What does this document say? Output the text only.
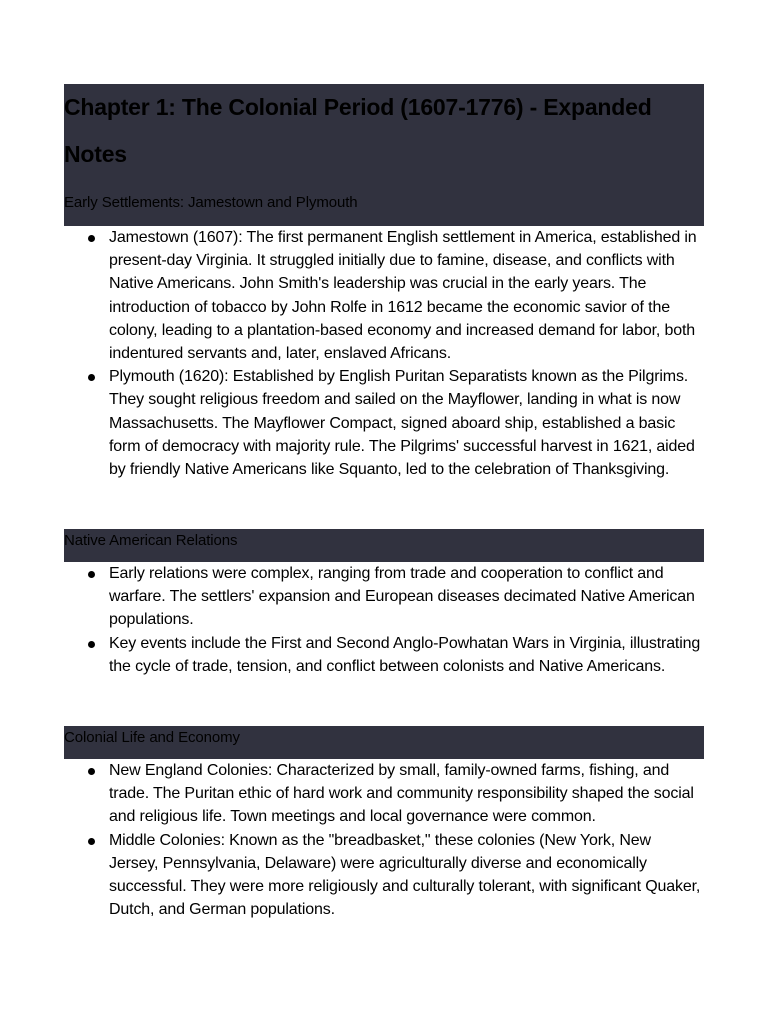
Chapter 1: The Colonial Period (1607-1776) - Expanded Notes
Early Settlements: Jamestown and Plymouth
Jamestown (1607): The first permanent English settlement in America, established in present-day Virginia. It struggled initially due to famine, disease, and conflicts with Native Americans. John Smith's leadership was crucial in the early years. The introduction of tobacco by John Rolfe in 1612 became the economic savior of the colony, leading to a plantation-based economy and increased demand for labor, both indentured servants and, later, enslaved Africans.
Plymouth (1620): Established by English Puritan Separatists known as the Pilgrims. They sought religious freedom and sailed on the Mayflower, landing in what is now Massachusetts. The Mayflower Compact, signed aboard ship, established a basic form of democracy with majority rule. The Pilgrims' successful harvest in 1621, aided by friendly Native Americans like Squanto, led to the celebration of Thanksgiving.
Native American Relations
Early relations were complex, ranging from trade and cooperation to conflict and warfare. The settlers' expansion and European diseases decimated Native American populations.
Key events include the First and Second Anglo-Powhatan Wars in Virginia, illustrating the cycle of trade, tension, and conflict between colonists and Native Americans.
Colonial Life and Economy
New England Colonies: Characterized by small, family-owned farms, fishing, and trade. The Puritan ethic of hard work and community responsibility shaped the social and religious life. Town meetings and local governance were common.
Middle Colonies: Known as the "breadbasket," these colonies (New York, New Jersey, Pennsylvania, Delaware) were agriculturally diverse and economically successful. They were more religiously and culturally tolerant, with significant Quaker, Dutch, and German populations.
